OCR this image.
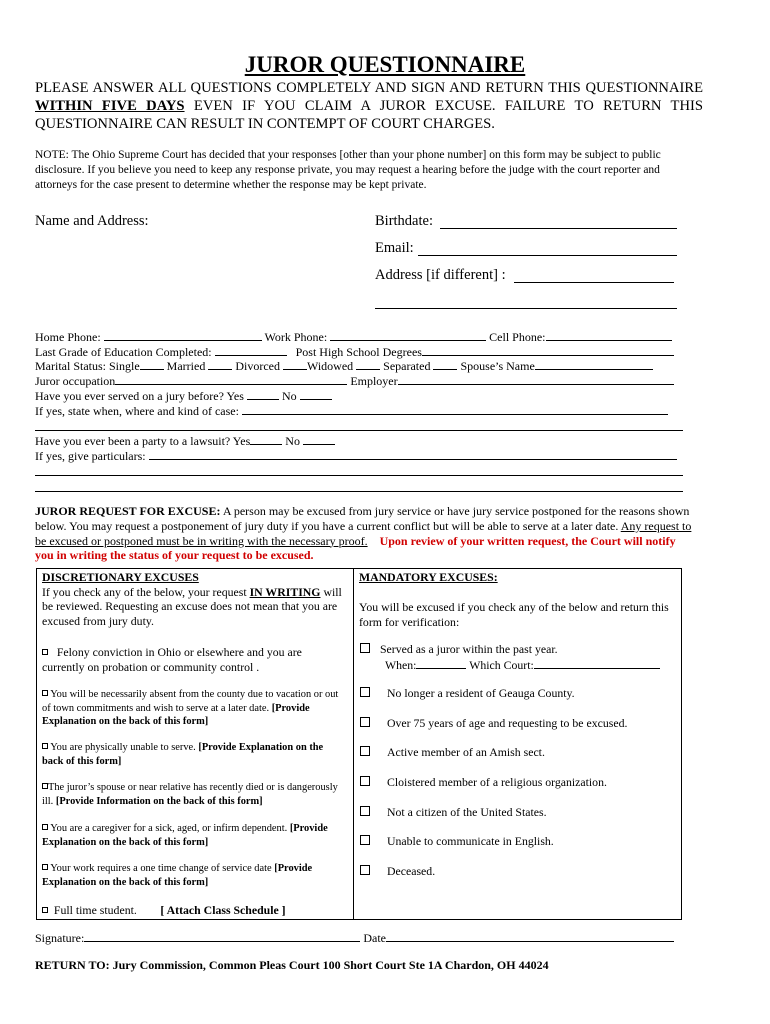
JUROR QUESTIONNAIRE
PLEASE ANSWER ALL QUESTIONS COMPLETELY AND SIGN AND RETURN THIS QUESTIONNAIRE WITHIN FIVE DAYS EVEN IF YOU CLAIM A JUROR EXCUSE. FAILURE TO RETURN THIS QUESTIONNAIRE CAN RESULT IN CONTEMPT OF COURT CHARGES.
NOTE: The Ohio Supreme Court has decided that your responses [other than your phone number] on this form may be subject to public disclosure. If you believe you need to keep any response private, you may request a hearing before the judge with the court reporter and attorneys for the case present to determine whether the response may be kept private.
Name and Address:	Birthdate:
Email:
Address [if different] :
Home Phone:	Work Phone:	Cell Phone:
Last Grade of Education Completed:	Post High School Degrees
Marital Status: Single Married	Divorced Widowed	Separated	Spouse’s Name
Juror occupation	Employer
Have you ever served on a jury before? Yes	No
If yes, state when, where and kind of case:
Have you ever been a party to a lawsuit? Yes	No
If yes, give particulars:
JUROR REQUEST FOR EXCUSE: A person may be excused from jury service or have jury service postponed for the reasons shown below. You may request a postponement of jury duty if you have a current conflict but will be able to serve at a later date. Any request to be excused or postponed must be in writing with the necessary proof. Upon review of your written request, the Court will notify you in writing the status of your request to be excused.
DISCRETIONARY EXCUSES
If you check any of the below, your request IN WRITING will be reviewed. Requesting an excuse does not mean that you are excused from jury duty.
Felony conviction in Ohio or elsewhere and you are currently on probation or community control .
You will be necessarily absent from the county due to vacation or out of town commitments and wish to serve at a later date. [Provide Explanation on the back of this form]
You are physically unable to serve. [Provide Explanation on the back of this form]
The juror’s spouse or near relative has recently died or is dangerously ill. [Provide Information on the back of this form]
You are a caregiver for a sick, aged, or infirm dependent. [Provide Explanation on the back of this form]
Your work requires a one time change of service date [Provide Explanation on the back of this form]
Full time student. [ Attach Class Schedule ]
MANDATORY EXCUSES:
You will be excused if you check any of the below and return this form for verification:
Served as a juror within the past year.
When:	Which Court:
No longer a resident of Geauga County.
Over 75 years of age and requesting to be excused.
Active member of an Amish sect.
Cloistered member of a religious organization.
Not a citizen of the United States.
Unable to communicate in English.
Deceased.
Signature:	Date
RETURN TO: Jury Commission, Common Pleas Court 100 Short Court Ste 1A Chardon, OH 44024
